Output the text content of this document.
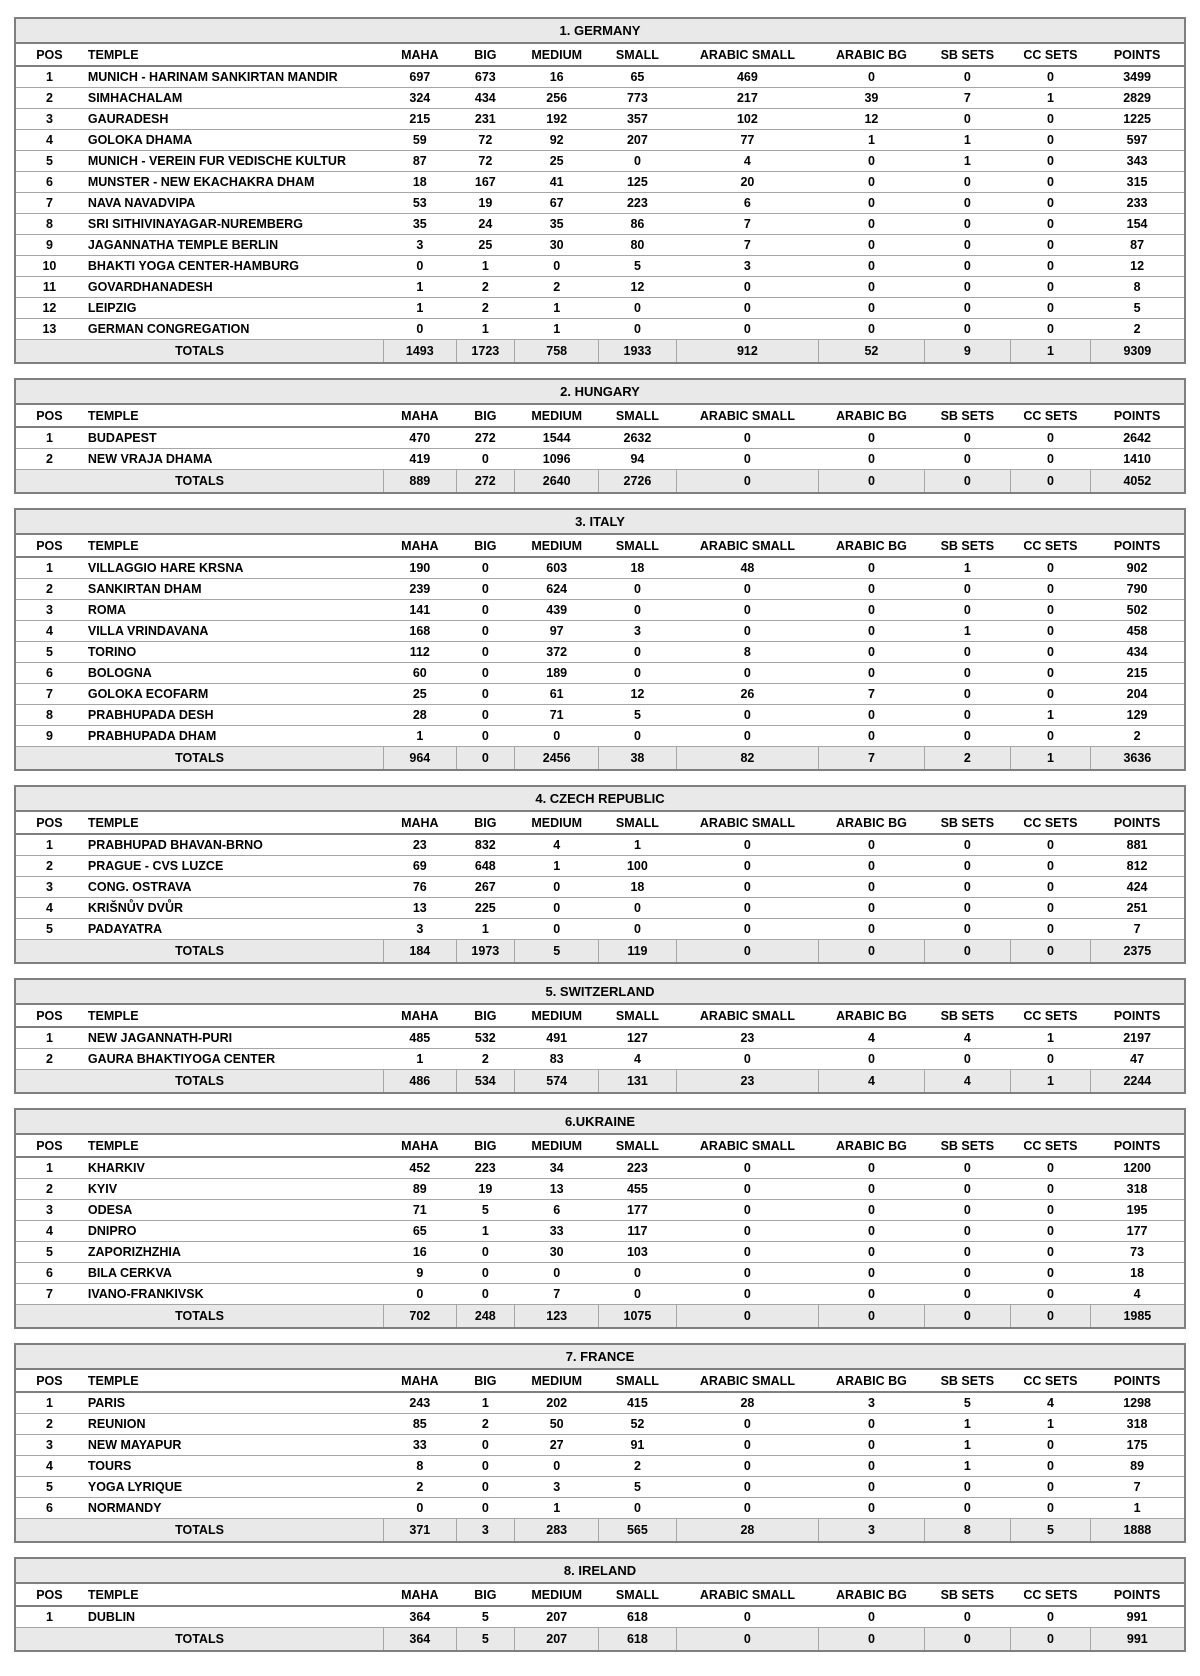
1. GERMANY										
POS	TEMPLE	MAHA	BIG	MEDIUM	SMALL	ARABIC SMALL	ARABIC BG	SB SETS	CC SETS	POINTS
1	MUNICH - HARINAM SANKIRTAN MANDIR	697	673	16	65	469	0	0	0	3499
2	SIMHACHALAM	324	434	256	773	217	39	7	1	2829
3	GAURADESH	215	231	192	357	102	12	0	0	1225
4	GOLOKA DHAMA	59	72	92	207	77	1	1	0	597
5	MUNICH - VEREIN FUR VEDISCHE KULTUR	87	72	25	0	4	0	1	0	343
6	MUNSTER - NEW EKACHAKRA DHAM	18	167	41	125	20	0	0	0	315
7	NAVA NAVADVIPA	53	19	67	223	6	0	0	0	233
8	SRI SITHIVINAYAGAR-NUREMBERG	35	24	35	86	7	0	0	0	154
9	JAGANNATHA TEMPLE BERLIN	3	25	30	80	7	0	0	0	87
10	BHAKTI YOGA CENTER-HAMBURG	0	1	0	5	3	0	0	0	12
11	GOVARDHANADESH	1	2	2	12	0	0	0	0	8
12	LEIPZIG	1	2	1	0	0	0	0	0	5
13	GERMAN CONGREGATION	0	1	1	0	0	0	0	0	2
TOTALS		1493	1723	758	1933	912	52	9	1	9309
2. HUNGARY										
POS	TEMPLE	MAHA	BIG	MEDIUM	SMALL	ARABIC SMALL	ARABIC BG	SB SETS	CC SETS	POINTS
1	BUDAPEST	470	272	1544	2632	0	0	0	0	2642
2	NEW VRAJA DHAMA	419	0	1096	94	0	0	0	0	1410
TOTALS		889	272	2640	2726	0	0	0	0	4052
3. ITALY										
POS	TEMPLE	MAHA	BIG	MEDIUM	SMALL	ARABIC SMALL	ARABIC BG	SB SETS	CC SETS	POINTS
1	VILLAGGIO HARE KRSNA	190	0	603	18	48	0	1	0	902
2	SANKIRTAN DHAM	239	0	624	0	0	0	0	0	790
3	ROMA	141	0	439	0	0	0	0	0	502
4	VILLA VRINDAVANA	168	0	97	3	0	0	1	0	458
5	TORINO	112	0	372	0	8	0	0	0	434
6	BOLOGNA	60	0	189	0	0	0	0	0	215
7	GOLOKA ECOFARM	25	0	61	12	26	7	0	0	204
8	PRABHUPADA DESH	28	0	71	5	0	0	0	1	129
9	PRABHUPADA DHAM	1	0	0	0	0	0	0	0	2
TOTALS		964	0	2456	38	82	7	2	1	3636
4. CZECH REPUBLIC										
POS	TEMPLE	MAHA	BIG	MEDIUM	SMALL	ARABIC SMALL	ARABIC BG	SB SETS	CC SETS	POINTS
1	PRABHUPAD BHAVAN-BRNO	23	832	4	1	0	0	0	0	881
2	PRAGUE - CVS LUZCE	69	648	1	100	0	0	0	0	812
3	CONG. OSTRAVA	76	267	0	18	0	0	0	0	424
4	KRIŠNŮV DVŮR	13	225	0	0	0	0	0	0	251
5	PADAYATRA	3	1	0	0	0	0	0	0	7
TOTALS		184	1973	5	119	0	0	0	0	2375
5. SWITZERLAND										
POS	TEMPLE	MAHA	BIG	MEDIUM	SMALL	ARABIC SMALL	ARABIC BG	SB SETS	CC SETS	POINTS
1	NEW JAGANNATH-PURI	485	532	491	127	23	4	4	1	2197
2	GAURA BHAKTIYOGA CENTER	1	2	83	4	0	0	0	0	47
TOTALS		486	534	574	131	23	4	4	1	2244
6.UKRAINE										
POS	TEMPLE	MAHA	BIG	MEDIUM	SMALL	ARABIC SMALL	ARABIC BG	SB SETS	CC SETS	POINTS
1	KHARKIV	452	223	34	223	0	0	0	0	1200
2	KYIV	89	19	13	455	0	0	0	0	318
3	ODESA	71	5	6	177	0	0	0	0	195
4	DNIPRO	65	1	33	117	0	0	0	0	177
5	ZAPORIZHZHIA	16	0	30	103	0	0	0	0	73
6	BILA CERKVA	9	0	0	0	0	0	0	0	18
7	IVANO-FRANKIVSK	0	0	7	0	0	0	0	0	4
TOTALS		702	248	123	1075	0	0	0	0	1985
7. FRANCE										
POS	TEMPLE	MAHA	BIG	MEDIUM	SMALL	ARABIC SMALL	ARABIC BG	SB SETS	CC SETS	POINTS
1	PARIS	243	1	202	415	28	3	5	4	1298
2	REUNION	85	2	50	52	0	0	1	1	318
3	NEW MAYAPUR	33	0	27	91	0	0	1	0	175
4	TOURS	8	0	0	2	0	0	1	0	89
5	YOGA LYRIQUE	2	0	3	5	0	0	0	0	7
6	NORMANDY	0	0	1	0	0	0	0	0	1
TOTALS		371	3	283	565	28	3	8	5	1888
8. IRELAND										
POS	TEMPLE	MAHA	BIG	MEDIUM	SMALL	ARABIC SMALL	ARABIC BG	SB SETS	CC SETS	POINTS
1	DUBLIN	364	5	207	618	0	0	0	0	991
TOTALS		364	5	207	618	0	0	0	0	991
